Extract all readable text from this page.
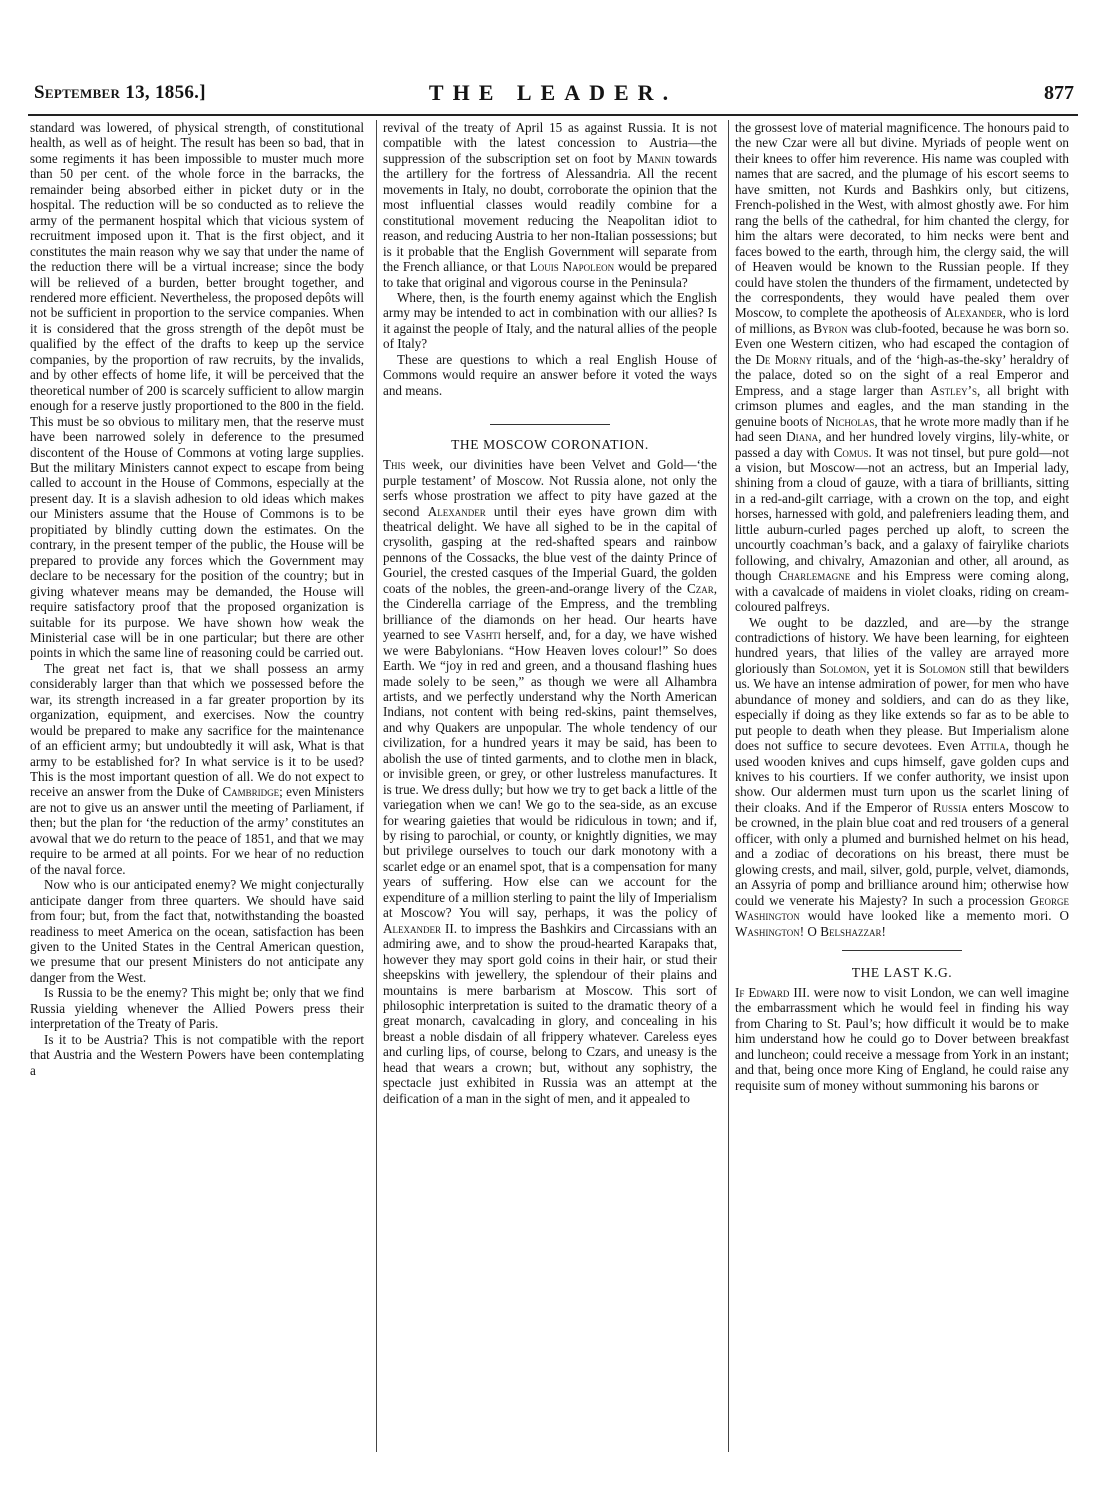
September 13, 1856.]	THE LEADER.	877

standard was lowered, of physical strength, of constitutional health, as well as of height. The result has been so bad, that in some regiments it has been impossible to muster much more than 50 per cent. of the whole force in the barracks, the remainder being absorbed either in picket duty or in the hospital. The reduction will be so conducted as to relieve the army of the permanent hospital which that vicious system of recruitment imposed upon it. That is the first object, and it constitutes the main reason why we say that under the name of the reduction there will be a virtual increase; since the body will be relieved of a burden, better brought together, and rendered more efficient. Nevertheless, the proposed depôts will not be sufficient in proportion to the service companies. When it is considered that the gross strength of the depôt must be qualified by the effect of the drafts to keep up the service companies, by the proportion of raw recruits, by the invalids, and by other effects of home life, it will be perceived that the theoretical number of 200 is scarcely sufficient to allow margin enough for a reserve justly proportioned to the 800 in the field. This must be so obvious to military men, that the reserve must have been narrowed solely in deference to the presumed discontent of the House of Commons at voting large supplies. But the military Ministers cannot expect to escape from being called to account in the House of Commons, especially at the present day. It is a slavish adhesion to old ideas which makes our Ministers assume that the House of Commons is to be propitiated by blindly cutting down the estimates. On the contrary, in the present temper of the public, the House will be prepared to provide any forces which the Government may declare to be necessary for the position of the country; but in giving whatever means may be demanded, the House will require satisfactory proof that the proposed organization is suitable for its purpose. We have shown how weak the Ministerial case will be in one particular; but there are other points in which the same line of reasoning could be carried out.

The great net fact is, that we shall possess an army considerably larger than that which we possessed before the war, its strength increased in a far greater proportion by its organization, equipment, and exercises. Now the country would be prepared to make any sacrifice for the maintenance of an efficient army; but undoubtedly it will ask, What is that army to be established for? In what service is it to be used? This is the most important question of all. We do not expect to receive an answer from the Duke of Cambridge; even Ministers are not to give us an answer until the meeting of Parliament, if then; but the plan for ‘the reduction of the army’ constitutes an avowal that we do return to the peace of 1851, and that we may require to be armed at all points. For we hear of no reduction of the naval force.

Now who is our anticipated enemy? We might conjecturally anticipate danger from three quarters. We should have said from four; but, from the fact that, notwithstanding the boasted readiness to meet America on the ocean, satisfaction has been given to the United States in the Central American question, we presume that our present Ministers do not anticipate any danger from the West.

Is Russia to be the enemy? This might be; only that we find Russia yielding whenever the Allied Powers press their interpretation of the Treaty of Paris.

Is it to be Austria? This is not compatible with the report that Austria and the Western Powers have been contemplating a

revival of the treaty of April 15 as against Russia. It is not compatible with the latest concession to Austria—the suppression of the subscription set on foot by Manin towards the artillery for the fortress of Alessandria. All the recent movements in Italy, no doubt, corroborate the opinion that the most influential classes would readily combine for a constitutional movement reducing the Neapolitan idiot to reason, and reducing Austria to her non-Italian possessions; but is it probable that the English Government will separate from the French alliance, or that Louis Napoleon would be prepared to take that original and vigorous course in the Peninsula?

Where, then, is the fourth enemy against which the English army may be intended to act in combination with our allies? Is it against the people of Italy, and the natural allies of the people of Italy?

These are questions to which a real English House of Commons would require an answer before it voted the ways and means.

THE MOSCOW CORONATION.

This week, our divinities have been Velvet and Gold—‘the purple testament’ of Moscow. Not Russia alone, not only the serfs whose prostration we affect to pity have gazed at the second Alexander until their eyes have grown dim with theatrical delight. We have all sighed to be in the capital of crysolith, gasping at the red-shafted spears and rainbow pennons of the Cossacks, the blue vest of the dainty Prince of Gouriel, the crested casques of the Imperial Guard, the golden coats of the nobles, the green-and-orange livery of the Czar, the Cinderella carriage of the Empress, and the trembling brilliance of the diamonds on her head. Our hearts have yearned to see Vashti herself, and, for a day, we have wished we were Babylonians. “How Heaven loves colour!” So does Earth. We “joy in red and green, and a thousand flashing hues made solely to be seen,” as though we were all Alhambra artists, and we perfectly understand why the North American Indians, not content with being red-skins, paint themselves, and why Quakers are unpopular. The whole tendency of our civilization, for a hundred years it may be said, has been to abolish the use of tinted garments, and to clothe men in black, or invisible green, or grey, or other lustreless manufactures. It is true. We dress dully; but how we try to get back a little of the variegation when we can! We go to the sea-side, as an excuse for wearing gaieties that would be ridiculous in town; and if, by rising to parochial, or county, or knightly dignities, we may but privilege ourselves to touch our dark monotony with a scarlet edge or an enamel spot, that is a compensation for many years of suffering. How else can we account for the expenditure of a million sterling to paint the lily of Imperialism at Moscow? You will say, perhaps, it was the policy of Alexander II. to impress the Bashkirs and Circassians with an admiring awe, and to show the proud-hearted Karapaks that, however they may sport gold coins in their hair, or stud their sheepskins with jewellery, the splendour of their plains and mountains is mere barbarism at Moscow. This sort of philosophic interpretation is suited to the dramatic theory of a great monarch, cavalcading in glory, and concealing in his breast a noble disdain of all frippery whatever. Careless eyes and curling lips, of course, belong to Czars, and uneasy is the head that wears a crown; but, without any sophistry, the spectacle just exhibited in Russia was an attempt at the deification of a man in the sight of men, and it appealed to

the grossest love of material magnificence. The honours paid to the new Czar were all but divine. Myriads of people went on their knees to offer him reverence. His name was coupled with names that are sacred, and the plumage of his escort seems to have smitten, not Kurds and Bashkirs only, but citizens, French-polished in the West, with almost ghostly awe. For him rang the bells of the cathedral, for him chanted the clergy, for him the altars were decorated, to him necks were bent and faces bowed to the earth, through him, the clergy said, the will of Heaven would be known to the Russian people. If they could have stolen the thunders of the firmament, undetected by the correspondents, they would have pealed them over Moscow, to complete the apotheosis of Alexander, who is lord of millions, as Byron was club-footed, because he was born so. Even one Western citizen, who had escaped the contagion of the De Morny rituals, and of the ‘high-as-the-sky’ heraldry of the palace, doted so on the sight of a real Emperor and Empress, and a stage larger than Astley’s, all bright with crimson plumes and eagles, and the man standing in the genuine boots of Nicholas, that he wrote more madly than if he had seen Diana, and her hundred lovely virgins, lily-white, or passed a day with Comus. It was not tinsel, but pure gold—not a vision, but Moscow—not an actress, but an Imperial lady, shining from a cloud of gauze, with a tiara of brilliants, sitting in a red-and-gilt carriage, with a crown on the top, and eight horses, harnessed with gold, and palefreniers leading them, and little auburn-curled pages perched up aloft, to screen the uncourtly coachman’s back, and a galaxy of fairylike chariots following, and chivalry, Amazonian and other, all around, as though Charlemagne and his Empress were coming along, with a cavalcade of maidens in violet cloaks, riding on cream-coloured palfreys.

We ought to be dazzled, and are—by the strange contradictions of history. We have been learning, for eighteen hundred years, that lilies of the valley are arrayed more gloriously than Solomon, yet it is Solomon still that bewilders us. We have an intense admiration of power, for men who have abundance of money and soldiers, and can do as they like, especially if doing as they like extends so far as to be able to put people to death when they please. But Imperialism alone does not suffice to secure devotees. Even Attila, though he used wooden knives and cups himself, gave golden cups and knives to his courtiers. If we confer authority, we insist upon show. Our aldermen must turn upon us the scarlet lining of their cloaks. And if the Emperor of Russia enters Moscow to be crowned, in the plain blue coat and red trousers of a general officer, with only a plumed and burnished helmet on his head, and a zodiac of decorations on his breast, there must be glowing crests, and mail, silver, gold, purple, velvet, diamonds, an Assyria of pomp and brilliance around him; otherwise how could we venerate his Majesty? In such a procession George Washington would have looked like a memento mori. O Washington! O Belshazzar!

THE LAST K.G.

If Edward III. were now to visit London, we can well imagine the embarrassment which he would feel in finding his way from Charing to St. Paul’s; how difficult it would be to make him understand how he could go to Dover between breakfast and luncheon; could receive a message from York in an instant; and that, being once more King of England, he could raise any requisite sum of money without summoning his barons or
